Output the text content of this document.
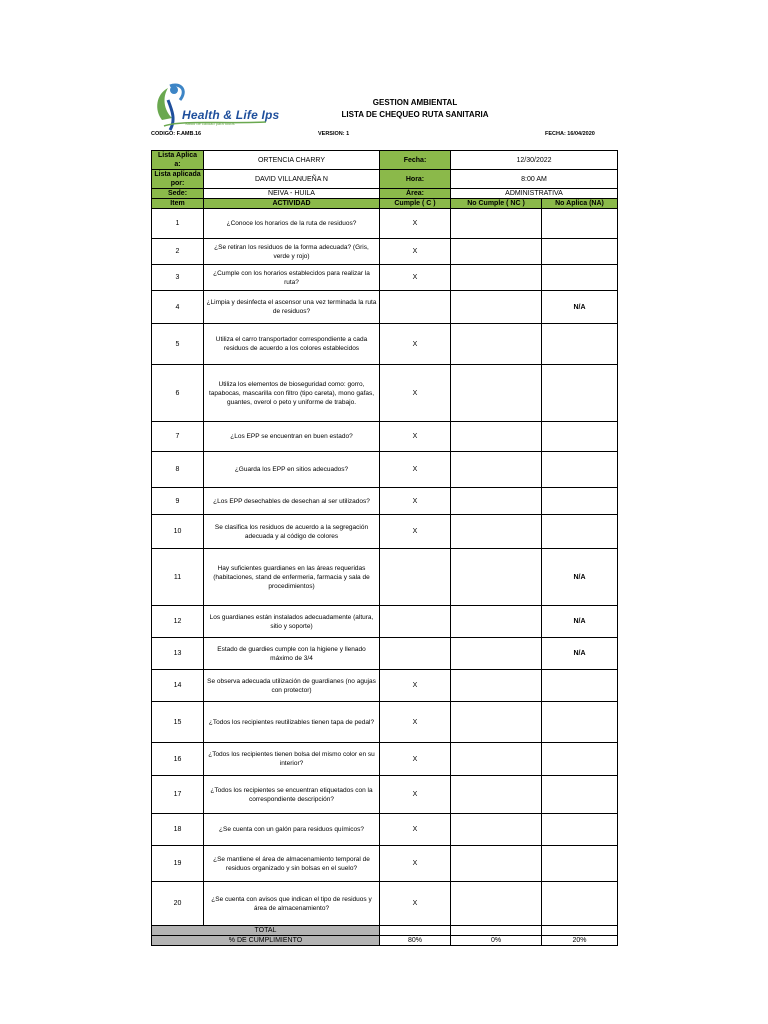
Health & Life Ips
Salud de calidad para todos
GESTION AMBIENTAL
LISTA DE CHEQUEO RUTA SANITARIA
CODIGO: F.AMB.16	VERSION: 1	FECHA: 16/04/2020
Lista Aplica a:	ORTENCIA CHARRY	Fecha:	12/30/2022	
Lista aplicada por:	DAVID VILLANUEÑA N	Hora:	8:00 AM	
Sede:	NEIVA - HUILA	Área:	ADMINISTRATIVA	
Item	ACTIVIDAD	Cumple ( C )	No Cumple ( NC )	No Aplica (NA)
1	¿Conoce los horarios de la ruta de residuos?	X		
2	¿Se retiran los residuos de la forma adecuada? (Gris, verde y rojo)	X		
3	¿Cumple con los horarios establecidos para realizar la ruta?	X		
4	¿Limpia y desinfecta el ascensor una vez terminada la ruta de residuos?			N/A
5	Utiliza el carro transportador correspondiente a cada residuos de acuerdo a los colores establecidos	X		
6	Utiliza los elementos de bioseguridad como: gorro, tapabocas, mascarilla con filtro (tipo careta), mono gafas, guantes, overol o peto y uniforme de trabajo.	X		
7	¿Los EPP se encuentran en buen estado?	X		
8	¿Guarda los EPP en sitios adecuados?	X		
9	¿Los EPP desechables de desechan al ser utilizados?	X		
10	Se clasifica los residuos de acuerdo a la segregación adecuada y al código de colores	X		
11	Hay suficientes guardianes en las áreas requeridas (habitaciones, stand de enfermeria, farmacia y sala de procedimientos)			N/A
12	Los guardianes están instalados adecuadamente (altura, sitio y soporte)			N/A
13	Estado de guardies cumple con la higiene y llenado máximo de 3/4			N/A
14	Se observa adecuada utilización de guardianes (no agujas con protector)	X		
15	¿Todos los recipientes reutilizables tienen tapa de pedal?	X		
16	¿Todos los recipientes tienen bolsa del mismo color en su interior?	X		
17	¿Todos los recipientes se encuentran etiquetados con la correspondiente descripción?	X		
18	¿Se cuenta con un galón para residuos químicos?	X		
19	¿Se mantiene el área de almacenamiento temporal de residuos organizado y sin bolsas en el suelo?	X		
20	¿Se cuenta con avisos que indican el tipo de residuos y área de almacenamiento?	X		
TOTAL				
% DE CUMPLIMIENTO		80%	0%	20%
